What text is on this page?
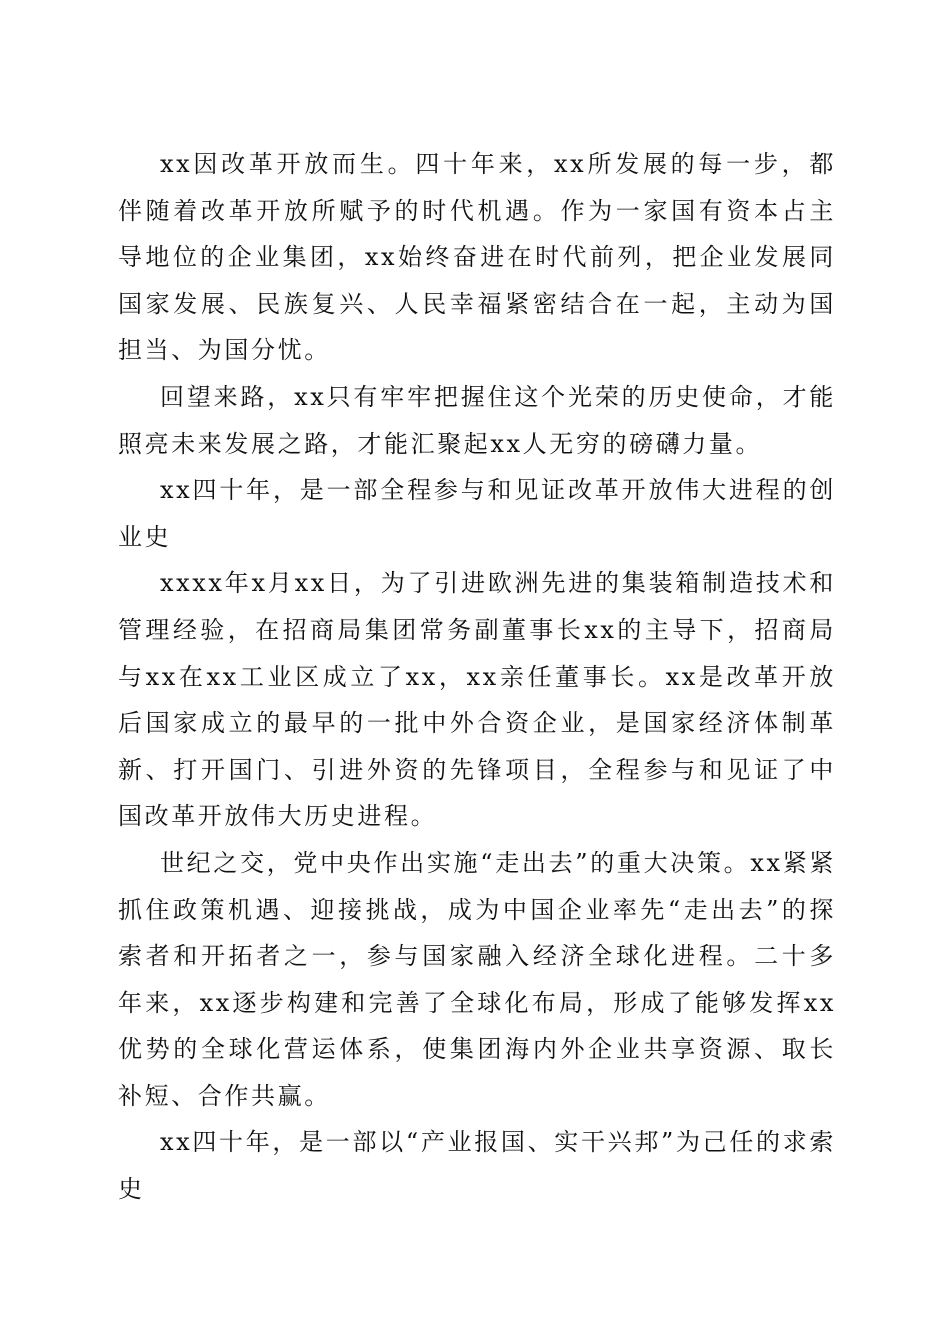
xx因改革开放而生。四十年来，xx所发展的每一步，都伴随着改革开放所赋予的时代机遇。作为一家国有资本占主导地位的企业集团，xx始终奋进在时代前列，把企业发展同国家发展、民族复兴、人民幸福紧密结合在一起，主动为国担当、为国分忧。

回望来路，xx只有牢牢把握住这个光荣的历史使命，才能照亮未来发展之路，才能汇聚起xx人无穷的磅礴力量。

xx四十年，是一部全程参与和见证改革开放伟大进程的创业史

xxxx年x月xx日，为了引进欧洲先进的集装箱制造技术和管理经验，在招商局集团常务副董事长xx的主导下，招商局与xx在xx工业区成立了xx，xx亲任董事长。xx是改革开放后国家成立的最早的一批中外合资企业，是国家经济体制革新、打开国门、引进外资的先锋项目，全程参与和见证了中国改革开放伟大历史进程。

世纪之交，党中央作出实施“走出去”的重大决策。xx紧紧抓住政策机遇、迎接挑战，成为中国企业率先“走出去”的探索者和开拓者之一，参与国家融入经济全球化进程。二十多年来，xx逐步构建和完善了全球化布局，形成了能够发挥xx优势的全球化营运体系，使集团海内外企业共享资源、取长补短、合作共赢。

xx四十年，是一部以“产业报国、实干兴邦”为己任的求索史
